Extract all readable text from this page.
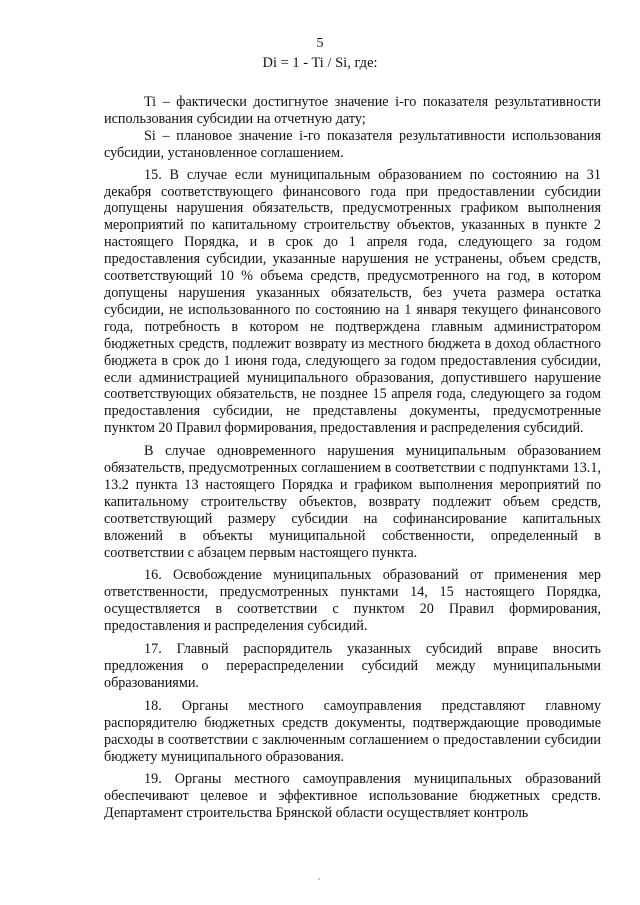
5
Di = 1 - Ti / Si, где:

Ti – фактически достигнутое значение i-го показателя результативности использования субсидии на отчетную дату;

Si – плановое значение i-го показателя результативности использования субсидии, установленное соглашением.

15. В случае если муниципальным образованием по состоянию на 31 декабря соответствующего финансового года при предоставлении субсидии допущены нарушения обязательств, предусмотренных графиком выполнения мероприятий по капитальному строительству объектов, указанных в пункте 2 настоящего Порядка, и в срок до 1 апреля года, следующего за годом предоставления субсидии, указанные нарушения не устранены, объем средств, соответствующий 10 % объема средств, предусмотренного на год, в котором допущены нарушения указанных обязательств, без учета размера остатка субсидии, не использованного по состоянию на 1 января текущего финансового года, потребность в котором не подтверждена главным администратором бюджетных средств, подлежит возврату из местного бюджета в доход областного бюджета в срок до 1 июня года, следующего за годом предоставления субсидии, если администрацией муниципального образования, допустившего нарушение соответствующих обязательств, не позднее 15 апреля года, следующего за годом предоставления субсидии, не представлены документы, предусмотренные пунктом 20 Правил формирования, предоставления и распределения субсидий.

В случае одновременного нарушения муниципальным образованием обязательств, предусмотренных соглашением в соответствии с подпунктами 13.1, 13.2 пункта 13 настоящего Порядка и графиком выполнения мероприятий по капитальному строительству объектов, возврату подлежит объем средств, соответствующий размеру субсидии на софинансирование капитальных вложений в объекты муниципальной собственности, определенный в соответствии с абзацем первым настоящего пункта.

16. Освобождение муниципальных образований от применения мер ответственности, предусмотренных пунктами 14, 15 настоящего Порядка, осуществляется в соответствии с пунктом 20 Правил формирования, предоставления и распределения субсидий.

17. Главный распорядитель указанных субсидий вправе вносить предложения о перераспределении субсидий между муниципальными образованиями.

18. Органы местного самоуправления представляют главному распорядителю бюджетных средств документы, подтверждающие проводимые расходы в соответствии с заключенным соглашением о предоставлении субсидии бюджету муниципального образования.

19. Органы местного самоуправления муниципальных образований обеспечивают целевое и эффективное использование бюджетных средств. Департамент строительства Брянской области осуществляет контроль
